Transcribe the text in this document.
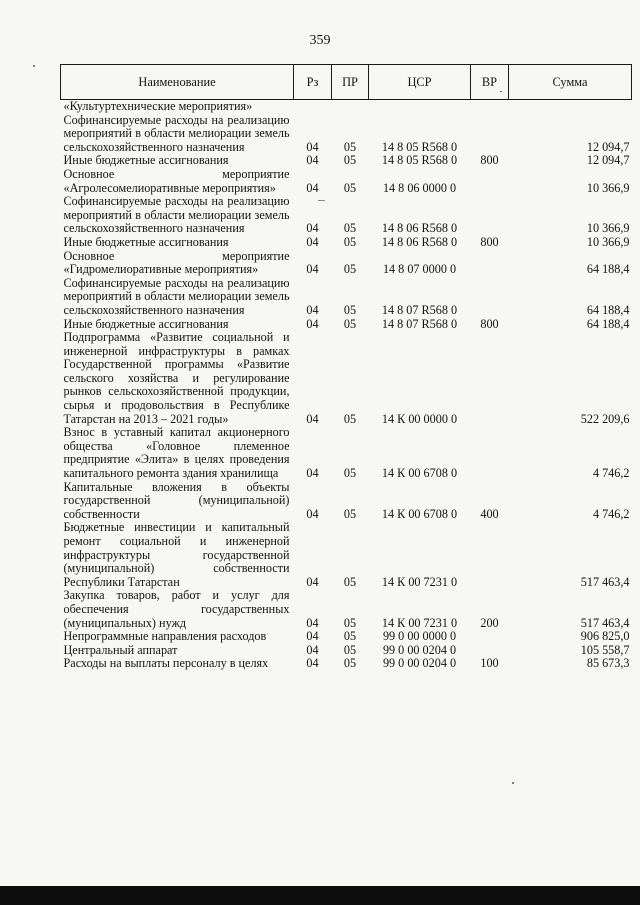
359
Наименование	Рз	ПР	ЦСР	ВР	Сумма
«Культуртехнические мероприятия»					
Софинансируемые расходы на реализацию мероприятий в области мелиорации земель сельскохозяйственного назначения	04	05	14 8 05 R568 0		12 094,7
Иные бюджетные ассигнования	04	05	14 8 05 R568 0	800	12 094,7
Основное мероприятие «Агролесомелиоративные мероприятия»	04	05	14 8 06 0000 0		10 366,9
Софинансируемые расходы на реализацию мероприятий в области мелиорации земель сельскохозяйственного назначения	04	05	14 8 06 R568 0		10 366,9
Иные бюджетные ассигнования	04	05	14 8 06 R568 0	800	10 366,9
Основное мероприятие «Гидромелиоративные мероприятия»	04	05	14 8 07 0000 0		64 188,4
Софинансируемые расходы на реализацию мероприятий в области мелиорации земель сельскохозяйственного назначения	04	05	14 8 07 R568 0		64 188,4
Иные бюджетные ассигнования	04	05	14 8 07 R568 0	800	64 188,4
Подпрограмма «Развитие социальной и инженерной инфраструктуры в рамках Государственной программы «Развитие сельского хозяйства и регулирование рынков сельскохозяйственной продукции, сырья и продовольствия в Республике Татарстан на 2013 – 2021 годы»	04	05	14 К 00 0000 0		522 209,6
Взнос в уставный капитал акционерного общества «Головное племенное предприятие «Элита» в целях проведения капитального ремонта здания хранилища	04	05	14 К 00 6708 0		4 746,2
Капитальные вложения в объекты государственной (муниципальной) собственности	04	05	14 К 00 6708 0	400	4 746,2
Бюджетные инвестиции и капитальный ремонт социальной и инженерной инфраструктуры государственной (муниципальной) собственности Республики Татарстан	04	05	14 К 00 7231 0		517 463,4
Закупка товаров, работ и услуг для обеспечения государственных (муниципальных) нужд	04	05	14 К 00 7231 0	200	517 463,4
Непрограммные направления расходов	04	05	99 0 00 0000 0		906 825,0
Центральный аппарат	04	05	99 0 00 0204 0		105 558,7
Расходы на выплаты персоналу в целях	04	05	99 0 00 0204 0	100	85 673,3
